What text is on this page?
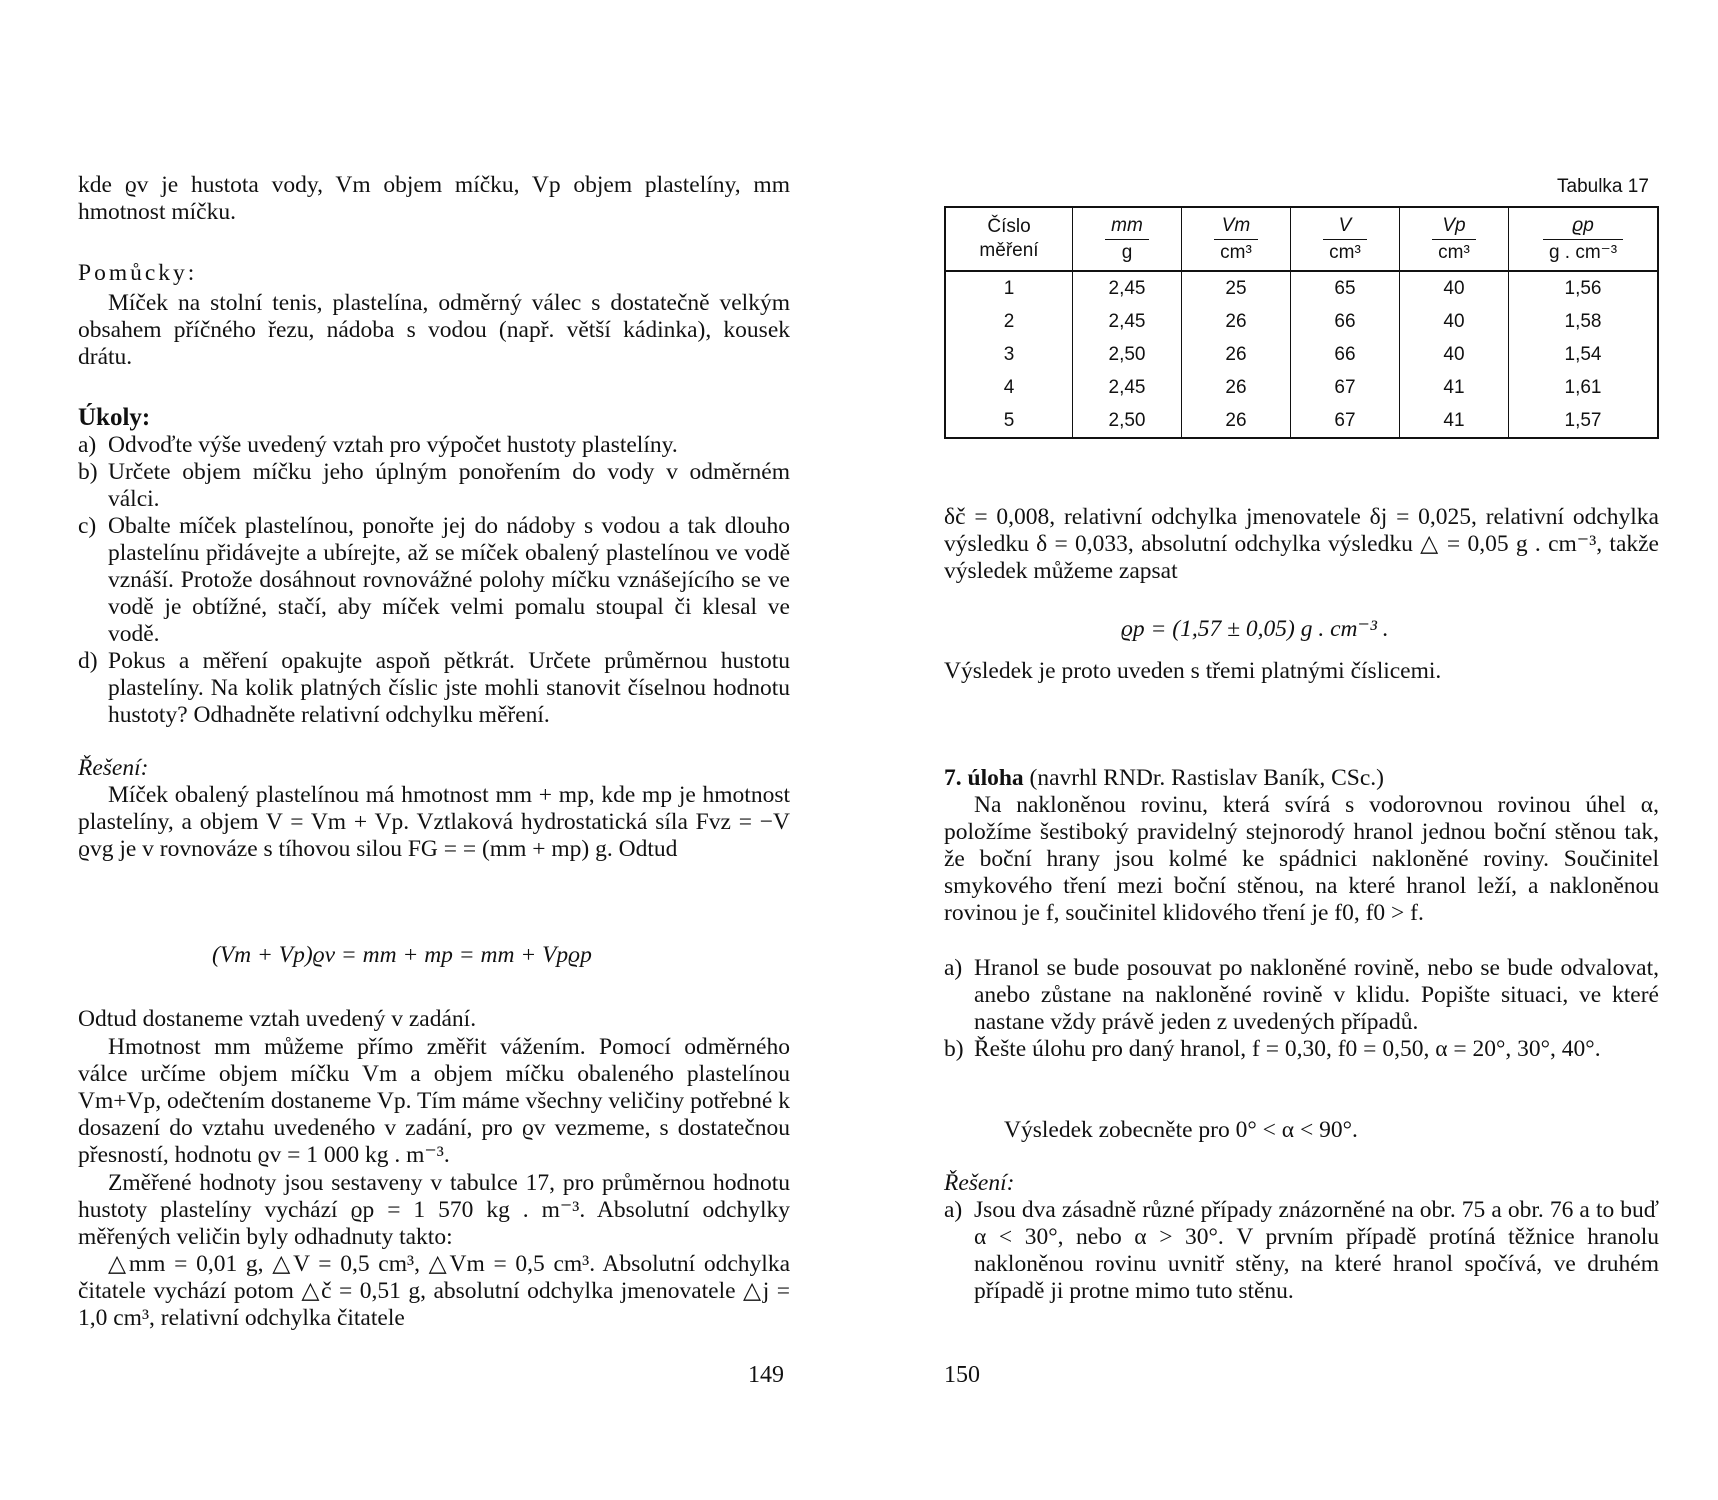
kde ϱv je hustota vody, Vm objem míčku, Vp objem plastelíny, mm hmotnost míčku.

Pomůcky:

Míček na stolní tenis, plastelína, odměrný válec s dostatečně velkým obsahem příčného řezu, nádoba s vodou (např. větší kádinka), kousek drátu.

Úkoly:
a) Odvoďte výše uvedený vztah pro výpočet hustoty plastelíny.
b) Určete objem míčku jeho úplným ponořením do vody v odměrném válci.
c) Obalte míček plastelínou, ponořte jej do nádoby s vodou a tak dlouho plastelínu přidávejte a ubírejte, až se míček obalený plastelínou ve vodě vznáší. Protože dosáhnout rovnovážné polohy míčku vznášejícího se ve vodě je obtížné, stačí, aby míček velmi pomalu stoupal či klesal ve vodě.
d) Pokus a měření opakujte aspoň pětkrát. Určete průměrnou hustotu plastelíny. Na kolik platných číslic jste mohli stanovit číselnou hodnotu hustoty? Odhadněte relativní odchylku měření.
Řešení:

Míček obalený plastelínou má hmotnost mm + mp, kde mp je hmotnost plastelíny, a objem V = Vm + Vp. Vztlaková hydrostatická síla Fvz = −V ϱvg je v rovnováze s tíhovou silou FG = = (mm + mp) g. Odtud

(Vm + Vp)ϱv = mm + mp = mm + Vpϱp

Odtud dostaneme vztah uvedený v zadání.

Hmotnost mm můžeme přímo změřit vážením. Pomocí odměrného válce určíme objem míčku Vm a objem míčku obaleného plastelínou Vm+Vp, odečtením dostaneme Vp. Tím máme všechny veličiny potřebné k dosazení do vztahu uvedeného v zadání, pro ϱv vezmeme, s dostatečnou přesností, hodnotu ϱv = 1 000 kg . m⁻³.

Změřené hodnoty jsou sestaveny v tabulce 17, pro průměrnou hodnotu hustoty plastelíny vychází ϱp = 1 570 kg . m⁻³. Absolutní odchylky měřených veličin byly odhadnuty takto:

△mm = 0,01 g, △V = 0,5 cm³, △Vm = 0,5 cm³. Absolutní odchylka čitatele vychází potom △č = 0,51 g, absolutní odchylka jmenovatele △j = 1,0 cm³, relativní odchylka čitatele

149
Tabulka 17
Číslo
měření	$\frac{mm}{g}$	$\frac{Vm}{\text{cm³}}$	$\frac{V}{\text{cm³}}$	$\frac{Vp}{\text{cm³}}$	$\frac{ϱp}{\text{g . cm⁻³}}$

1	2,45	25	65	40	1,56
2	2,45	26	66	40	1,58
3	2,50	26	66	40	1,54
4	2,45	26	67	41	1,61
5	2,50	26	67	41	1,57

δč = 0,008, relativní odchylka jmenovatele δj = 0,025, relativní odchylka výsledku δ = 0,033, absolutní odchylka výsledku △ = 0,05 g . cm⁻³, takže výsledek můžeme zapsat

ϱp = (1,57 ± 0,05) g . cm⁻³ .

Výsledek je proto uveden s třemi platnými číslicemi.

7. úloha (navrhl RNDr. Rastislav Baník, CSc.)

Na nakloněnou rovinu, která svírá s vodorovnou rovinou úhel α, položíme šestiboký pravidelný stejnorodý hranol jednou boční stěnou tak, že boční hrany jsou kolmé ke spádnici nakloněné roviny. Součinitel smykového tření mezi boční stěnou, na které hranol leží, a nakloněnou rovinou je f, součinitel klidového tření je f0, f0 > f.

a) Hranol se bude posouvat po nakloněné rovině, nebo se bude odvalovat, anebo zůstane na nakloněné rovině v klidu. Popište situaci, ve které nastane vždy právě jeden z uvedených případů.
b) Řešte úlohu pro daný hranol, f = 0,30, f0 = 0,50, α = 20°, 30°, 40°.

Výsledek zobecněte pro 0° < α < 90°.

Řešení:
a) Jsou dva zásadně různé případy znázorněné na obr. 75 a obr. 76 a to buď α < 30°, nebo α > 30°. V prvním případě protíná těžnice hranolu nakloněnou rovinu uvnitř stěny, na které hranol spočívá, ve druhém případě ji protne mimo tuto stěnu.
150
